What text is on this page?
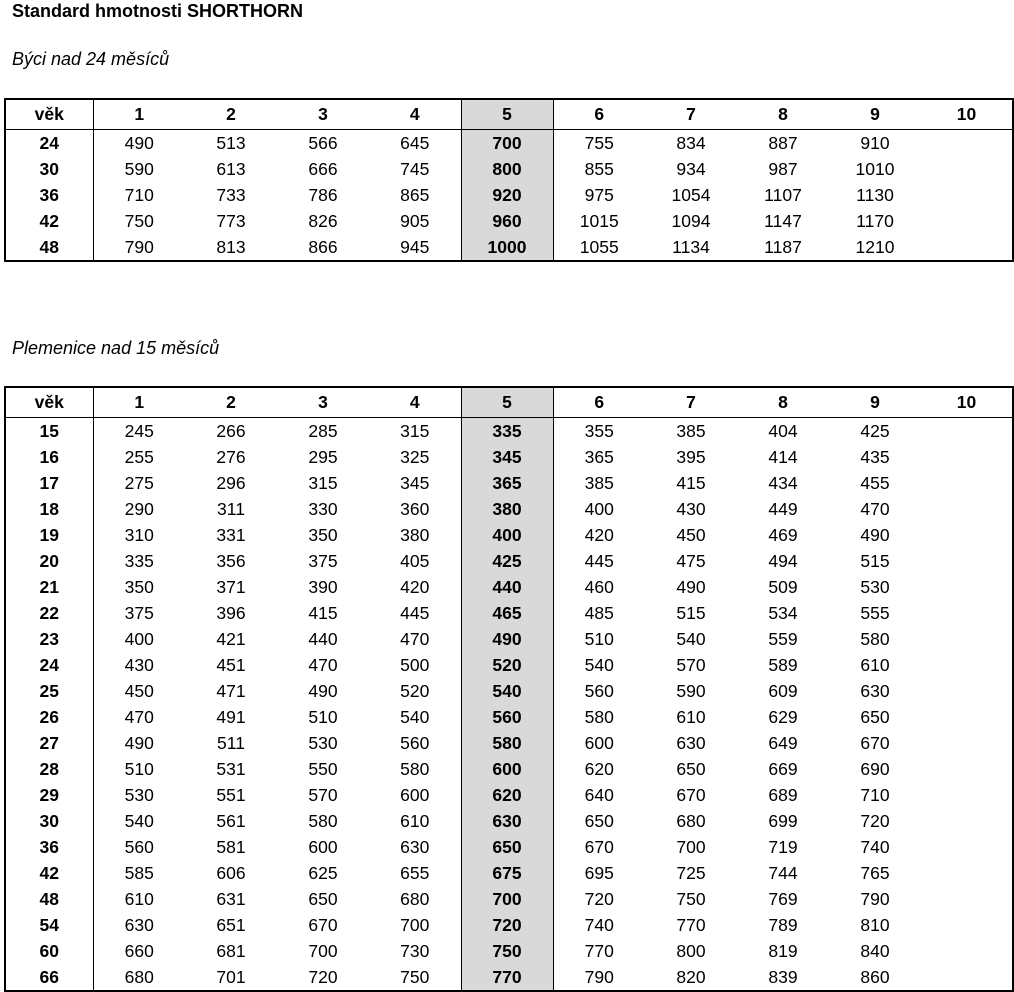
Standard hmotnosti SHORTHORN
Býci nad 24 měsíců
věk	1	2	3	4	5	6	7	8	9	10
24	490	513	566	645	700	755	834	887	910	
30	590	613	666	745	800	855	934	987	1010	
36	710	733	786	865	920	975	1054	1107	1130	
42	750	773	826	905	960	1015	1094	1147	1170	
48	790	813	866	945	1000	1055	1134	1187	1210	
Plemenice nad 15 měsíců
věk	1	2	3	4	5	6	7	8	9	10
15	245	266	285	315	335	355	385	404	425	
16	255	276	295	325	345	365	395	414	435	
17	275	296	315	345	365	385	415	434	455	
18	290	311	330	360	380	400	430	449	470	
19	310	331	350	380	400	420	450	469	490	
20	335	356	375	405	425	445	475	494	515	
21	350	371	390	420	440	460	490	509	530	
22	375	396	415	445	465	485	515	534	555	
23	400	421	440	470	490	510	540	559	580	
24	430	451	470	500	520	540	570	589	610	
25	450	471	490	520	540	560	590	609	630	
26	470	491	510	540	560	580	610	629	650	
27	490	511	530	560	580	600	630	649	670	
28	510	531	550	580	600	620	650	669	690	
29	530	551	570	600	620	640	670	689	710	
30	540	561	580	610	630	650	680	699	720	
36	560	581	600	630	650	670	700	719	740	
42	585	606	625	655	675	695	725	744	765	
48	610	631	650	680	700	720	750	769	790	
54	630	651	670	700	720	740	770	789	810	
60	660	681	700	730	750	770	800	819	840	
66	680	701	720	750	770	790	820	839	860	
